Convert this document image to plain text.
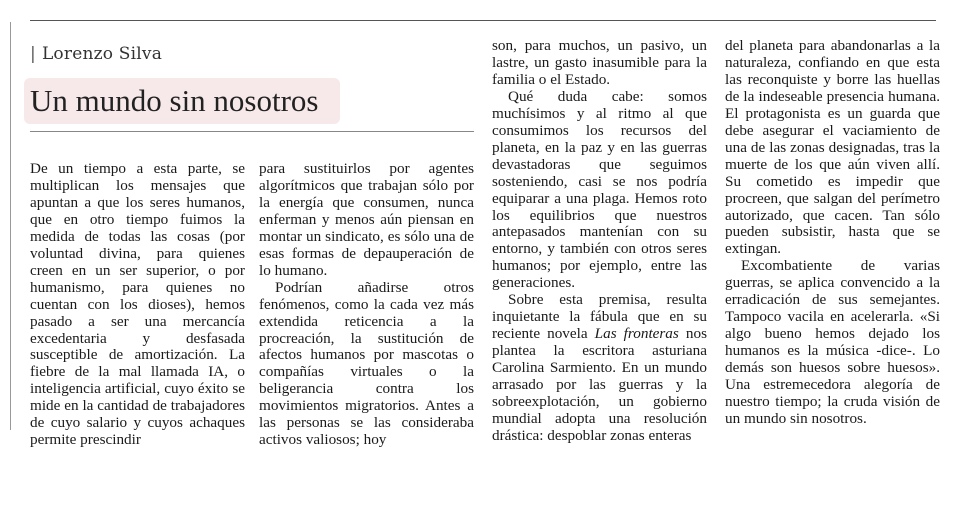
| Lorenzo Silva
Un mundo sin nosotros

De un tiempo a esta parte, se multiplican los mensajes que apuntan a que los seres humanos, que en otro tiempo fuimos la medida de todas las cosas (por voluntad divina, para quienes creen en un ser superior, o por humanismo, para quienes no cuentan con los dioses), hemos pasado a ser una mercancía excedentaria y desfasada susceptible de amortización. La fiebre de la mal llamada IA, o inteligencia artificial, cuyo éxito se mide en la cantidad de trabajadores de cuyo salario y cuyos achaques permite prescindir

para sustituirlos por agentes algorítmicos que trabajan sólo por la energía que consumen, nunca enferman y menos aún piensan en montar un sindicato, es sólo una de esas formas de depauperación de lo humano.

Podrían añadirse otros fenómenos, como la cada vez más extendida reticencia a la procreación, la sustitución de afectos humanos por mascotas o compañías virtuales o la beligerancia contra los movimientos migratorios. Antes a las personas se las consideraba activos valiosos; hoy

son, para muchos, un pasivo, un lastre, un gasto inasumible para la familia o el Estado.

Qué duda cabe: somos muchísimos y al ritmo al que consumimos los recursos del planeta, en la paz y en las guerras devastadoras que seguimos sosteniendo, casi se nos podría equiparar a una plaga. Hemos roto los equilibrios que nuestros antepasados mantenían con su entorno, y también con otros seres humanos; por ejemplo, entre las generaciones.

Sobre esta premisa, resulta inquietante la fábula que en su reciente novela Las fronteras nos plantea la escritora asturiana Carolina Sarmiento. En un mundo arrasado por las guerras y la sobreexplotación, un gobierno mundial adopta una resolución drástica: despoblar zonas enteras

del planeta para abandonarlas a la naturaleza, confiando en que esta las reconquiste y borre las huellas de la indeseable presencia humana. El protagonista es un guarda que debe asegurar el vaciamiento de una de las zonas designadas, tras la muerte de los que aún viven allí. Su cometido es impedir que procreen, que salgan del perímetro autorizado, que cacen. Tan sólo pueden subsistir, hasta que se extingan.

Excombatiente de varias guerras, se aplica convencido a la erradicación de sus semejantes. Tampoco vacila en acelerarla. «Si algo bueno hemos dejado los humanos es la música -dice-. Lo demás son huesos sobre huesos». Una estremecedora alegoría de nuestro tiempo; la cruda visión de un mundo sin nosotros.
